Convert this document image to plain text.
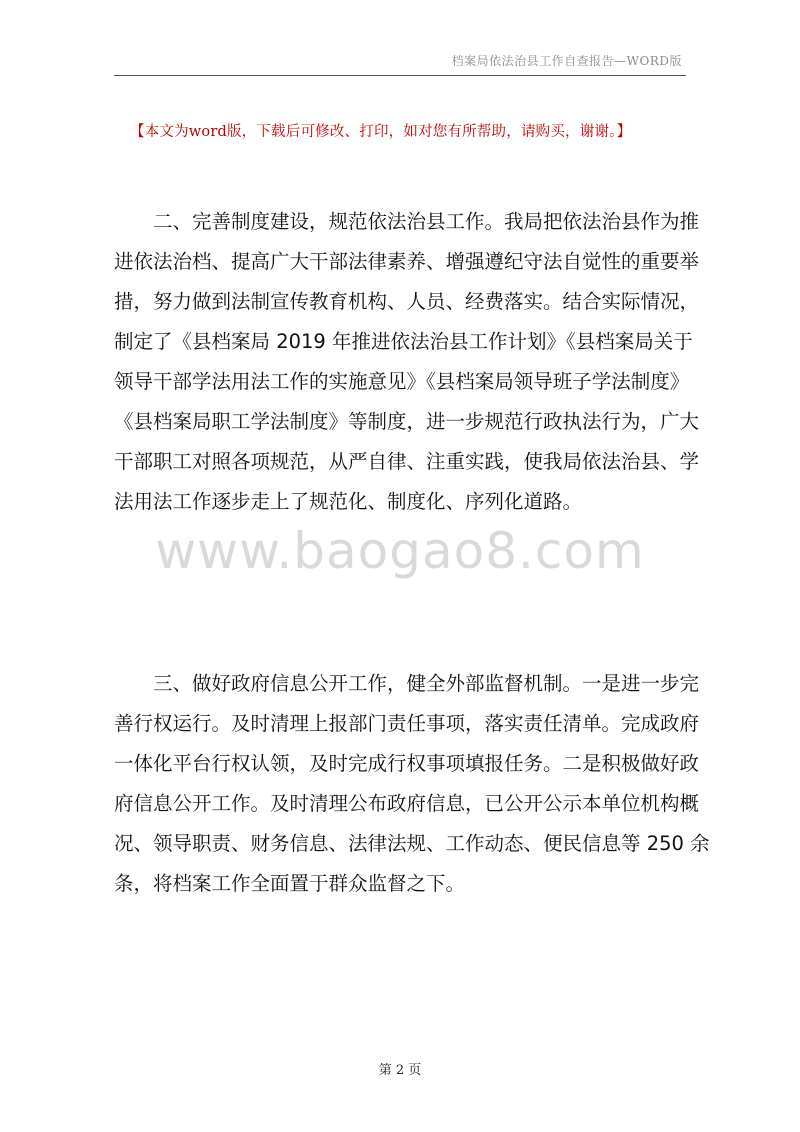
档案局依法治县工作自查报告—WORD版
【本文为word版，下载后可修改、打印，如对您有所帮助，请购买，谢谢。】
二、完善制度建设，规范依法治县工作。我局把依法治县作为推
进依法治档、提高广大干部法律素养、增强遵纪守法自觉性的重要举
措，努力做到法制宣传教育机构、人员、经费落实。结合实际情况，
制定了《县档案局 2019 年推进依法治县工作计划》《县档案局关于
领导干部学法用法工作的实施意见》《县档案局领导班子学法制度》
《县档案局职工学法制度》等制度，进一步规范行政执法行为，广大
干部职工对照各项规范，从严自律、注重实践，使我局依法治县、学
法用法工作逐步走上了规范化、制度化、序列化道路。
www.baogao8.com
三、做好政府信息公开工作，健全外部监督机制。一是进一步完
善行权运行。及时清理上报部门责任事项，落实责任清单。完成政府
一体化平台行权认领，及时完成行权事项填报任务。二是积极做好政
府信息公开工作。及时清理公布政府信息，已公开公示本单位机构概
况、领导职责、财务信息、法律法规、工作动态、便民信息等 250 余
条，将档案工作全面置于群众监督之下。
第 2 页
